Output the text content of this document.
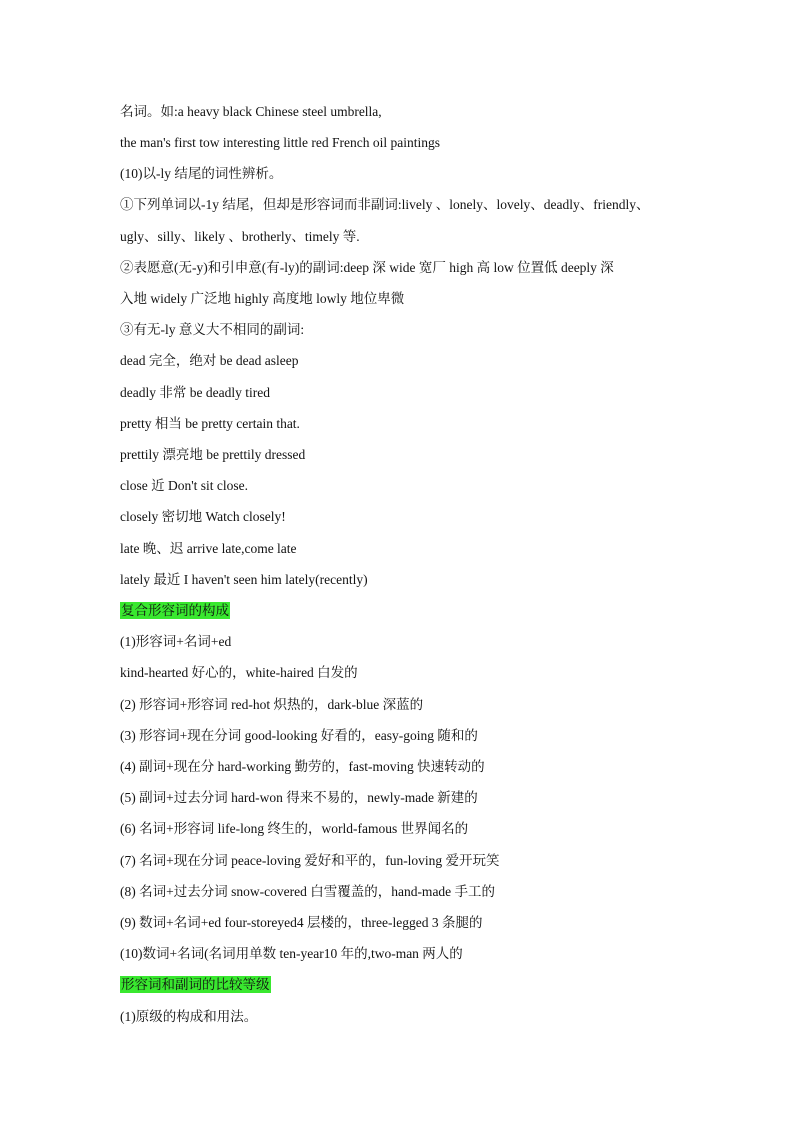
名词。如:a heavy black Chinese steel umbrella,
the man's first tow interesting little red French oil paintings
(10)以-ly 结尾的词性辨析。
①下列单词以-1y 结尾，但却是形容词而非副词:lively 、lonely、lovely、deadly、friendly、
ugly、silly、likely 、brotherly、timely 等.
②表愿意(无-y)和引申意(有-ly)的副词:deep 深 wide 宽厂 high 高 low 位置低 deeply 深
入地 widely 广泛地 highly 高度地 lowly 地位卑微
③有无-ly 意义大不相同的副词:
dead 完全，绝对 be dead asleep
deadly 非常 be deadly tired
pretty 相当 be pretty certain that.
prettily 漂亮地 be prettily dressed
close 近 Don't sit close.
closely 密切地 Watch closely!
late 晚、迟 arrive late,come late
lately 最近 I haven't seen him lately(recently)
复合形容词的构成
(1)形容词+名词+ed
kind-hearted 好心的，white-haired 白发的
(2) 形容词+形容词 red-hot 炽热的，dark-blue 深蓝的
(3) 形容词+现在分词 good-looking 好看的，easy-going 随和的
(4) 副词+现在分 hard-working 勤劳的，fast-moving 快速转动的
(5) 副词+过去分词 hard-won 得来不易的，newly-made 新建的
(6) 名词+形容词 life-long 终生的，world-famous 世界闻名的
(7) 名词+现在分词 peace-loving 爱好和平的，fun-loving 爱开玩笑
(8) 名词+过去分词 snow-covered 白雪覆盖的，hand-made 手工的
(9) 数词+名词+ed four-storeyed4 层楼的，three-legged 3 条腿的
(10)数词+名词(名词用单数 ten-year10 年的,two-man 两人的
形容词和副词的比较等级
(1)原级的构成和用法。
